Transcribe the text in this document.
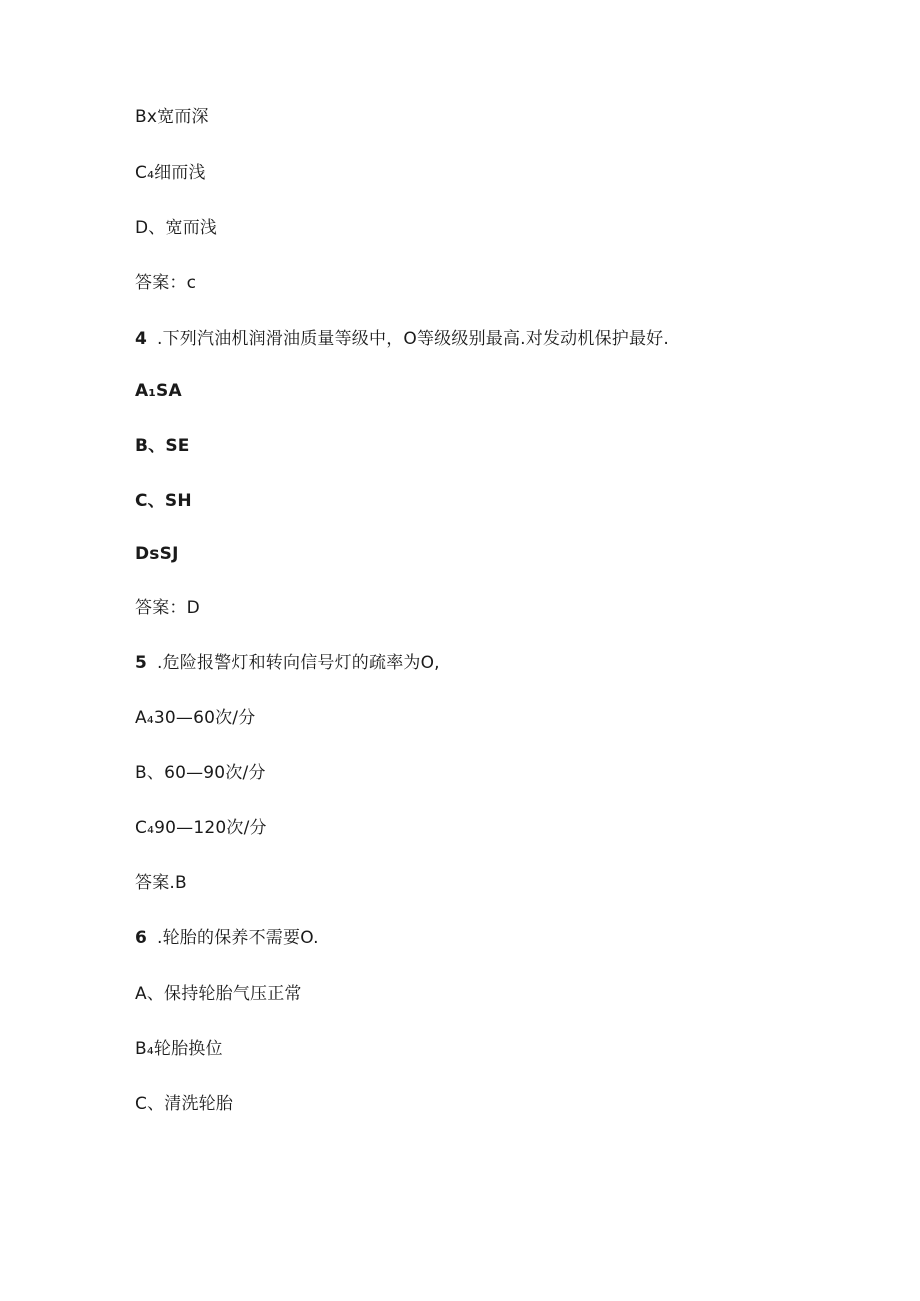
Bx宽而深
C₄细而浅
D、宽而浅
答案：c
4 .下列汽油机润滑油质量等级中，O等级级别最高.对发动机保护最好.
A₁SA
B、SE
C、SH
DsSJ
答案：D
5 .危险报警灯和转向信号灯的疏率为O,
A₄30—60次/分
B、60—90次/分
C₄90—120次/分
答案.B
6 .轮胎的保养不需要O.
A、保持轮胎气压正常
B₄轮胎换位
C、清洗轮胎
